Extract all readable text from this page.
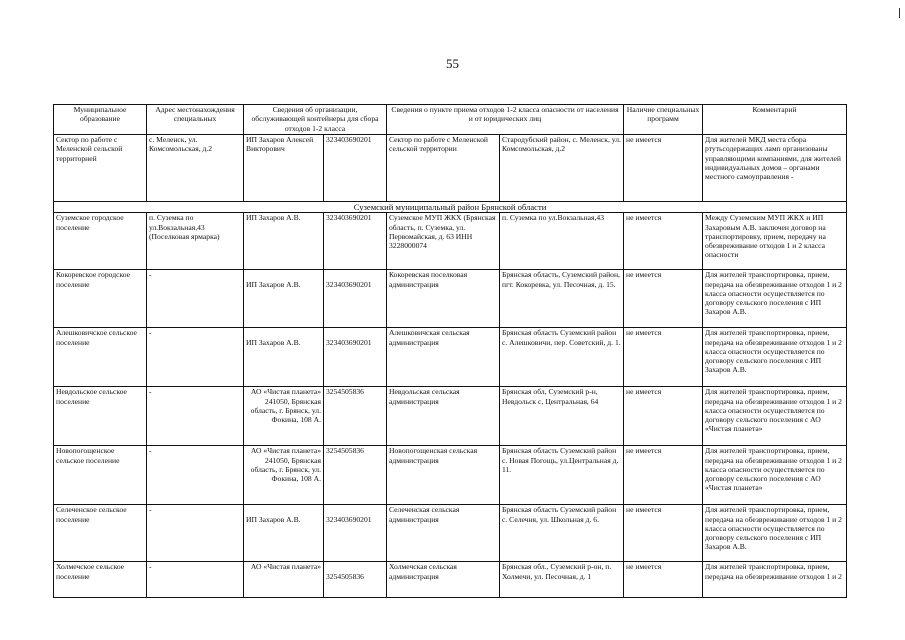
55
Муниципальное образование	Адрес местонахождения специальных	Сведения об организации, обслуживающей контейнеры для сбора отходов 1-2 класса		Сведения о пункте приема отходов 1-2 класса опасности от населения и от юридических лиц		Наличие специальных программ	Комментарий
Сектор по работе с Меленской сельской территорией	с. Меленск, ул. Комсомольская, д.2	ИП Захаров Алексей Викторович	323403690201	Сектор по работе с Меленской сельской территории	Стародубский район, с. Меленск, ул. Комсомольская, д.2	не имеется	Для жителей МКД места сбора ртутьсодержащих ламп организованы управляющими компаниями, для жителей индивидуальных домов – органами местного самоуправления -
Суземский муниципальный район Брянской области							
Суземское городское поселение	п. Суземка по ул.Вокзальная,43 (Поселковая ярмарка)	ИП Захаров А.В.	323403690201	Суземское МУП ЖКХ (Брянская область, п. Суземка, ул. Первомайская, д. 63 ИНН 3228000074	п. Суземка по ул.Вокзальная,43	не имеется	Между Суземским МУП ЖКХ и ИП Захаровым А.В. заключен договор на транспортировку, прием, передачу на обезвреживание отходов 1 и 2 класса опасности
Кокоревское городское поселение	-	ИП Захаров А.В.	323403690201	Кокоревская поселковая администрация	Брянская область, Суземский район, пгт. Кокоревка, ул. Песочная, д. 15.	не имеется	Для жителей транспортировка, прием, передача на обезвреживание отходов 1 и 2 класса опасности осуществляется по договору сельского поселения с ИП Захаров А.В.
Алешковичское сельское поселение	-	ИП Захаров А.В.	323403690201	Алешковичская сельская администрация	Брянская область Суземский район с. Алешковичи, пер. Советский, д. 1.	не имеется	Для жителей транспортировка, прием, передача на обезвреживание отходов 1 и 2 класса опасности осуществляется по договору сельского поселения с ИП Захаров А.В.
Невдольское сельское поселение	-	АО «Чистая планета» 241050, Брянская область, г. Брянск, ул. Фокина, 108 А.	3254505836	Невдольская сельская администрация	Брянская обл, Суземский р-н, Невдольск с, Центральная, 64	не имеется	Для жителей транспортировка, прием, передача на обезвреживание отходов 1 и 2 класса опасности осуществляется по договору сельского поселения с АО «Чистая планета»
Новопогощенское сельское поселение	-	АО «Чистая планета» 241050, Брянская область, г. Брянск, ул. Фокина, 108 А.	3254505836	Новопогощенская сельская администрация	Брянская область Суземский район с. Новая Погощь, ул.Центральная д. 11.	не имеется	Для жителей транспортировка, прием, передача на обезвреживание отходов 1 и 2 класса опасности осуществляется по договору сельского поселения с АО «Чистая планета»
Селеченское сельское поселение	-	ИП Захаров А.В.	323403690201	Селеченская сельская администрация	Брянская область Суземский район с. Селечня, ул. Школьная д. 6.	не имеется	Для жителей транспортировка, прием, передача на обезвреживание отходов 1 и 2 класса опасности осуществляется по договору сельского поселения с ИП Захаров А.В.
Холмечское сельское поселение	-	АО «Чистая планета»	3254505836	Холмечская сельская администрация	Брянская обл., Суземский р-он, п. Холмечи, ул. Песочная, д. 1	не имеется	Для жителей транспортировка, прием, передача на обезвреживание отходов 1 и 2
